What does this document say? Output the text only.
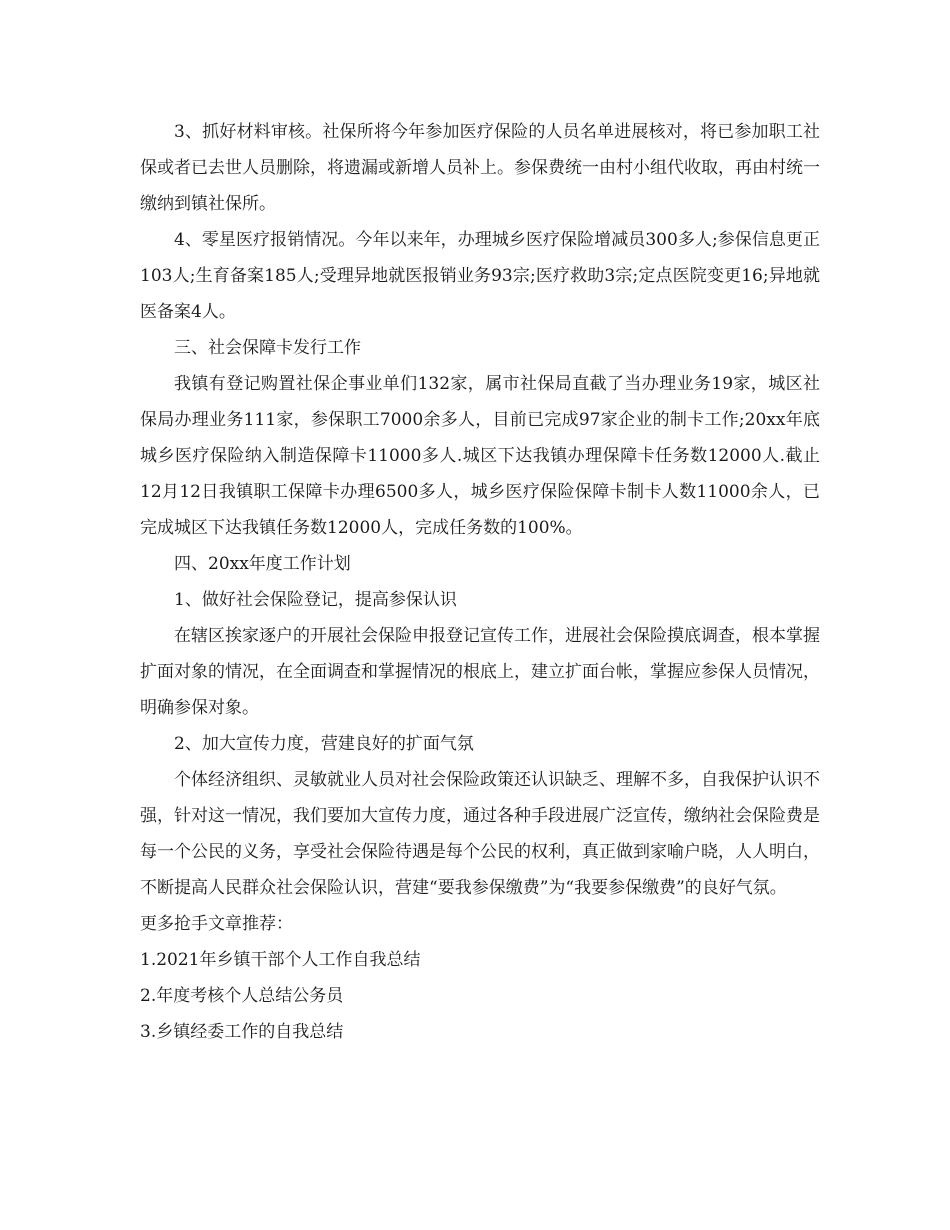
3、抓好材料审核。社保所将今年参加医疗保险的人员名单进展核对，将已参加职工社保或者已去世人员删除，将遗漏或新增人员补上。参保费统一由村小组代收取，再由村统一缴纳到镇社保所。

4、零星医疗报销情况。今年以来年，办理城乡医疗保险增减员300多人;参保信息更正103人;生育备案185人;受理异地就医报销业务93宗;医疗救助3宗;定点医院变更16;异地就医备案4人。

三、社会保障卡发行工作

我镇有登记购置社保企事业单们132家，属市社保局直截了当办理业务19家，城区社保局办理业务111家，参保职工7000余多人，目前已完成97家企业的制卡工作;20xx年底城乡医疗保险纳入制造保障卡11000多人.城区下达我镇办理保障卡任务数12000人.截止12月12日我镇职工保障卡办理6500多人，城乡医疗保险保障卡制卡人数11000余人，已完成城区下达我镇任务数12000人，完成任务数的100%。

四、20xx年度工作计划

1、做好社会保险登记，提高参保认识

在辖区挨家逐户的开展社会保险申报登记宣传工作，进展社会保险摸底调查，根本掌握扩面对象的情况，在全面调查和掌握情况的根底上，建立扩面台帐，掌握应参保人员情况，明确参保对象。

2、加大宣传力度，营建良好的扩面气氛

个体经济组织、灵敏就业人员对社会保险政策还认识缺乏、理解不多，自我保护认识不强，针对这一情况，我们要加大宣传力度，通过各种手段进展广泛宣传，缴纳社会保险费是每一个公民的义务，享受社会保险待遇是每个公民的权利，真正做到家喻户晓，人人明白，不断提高人民群众社会保险认识，营建“要我参保缴费”为“我要参保缴费”的良好气氛。

更多抢手文章推荐：

1.2021年乡镇干部个人工作自我总结
2.年度考核个人总结公务员
3.乡镇经委工作的自我总结
